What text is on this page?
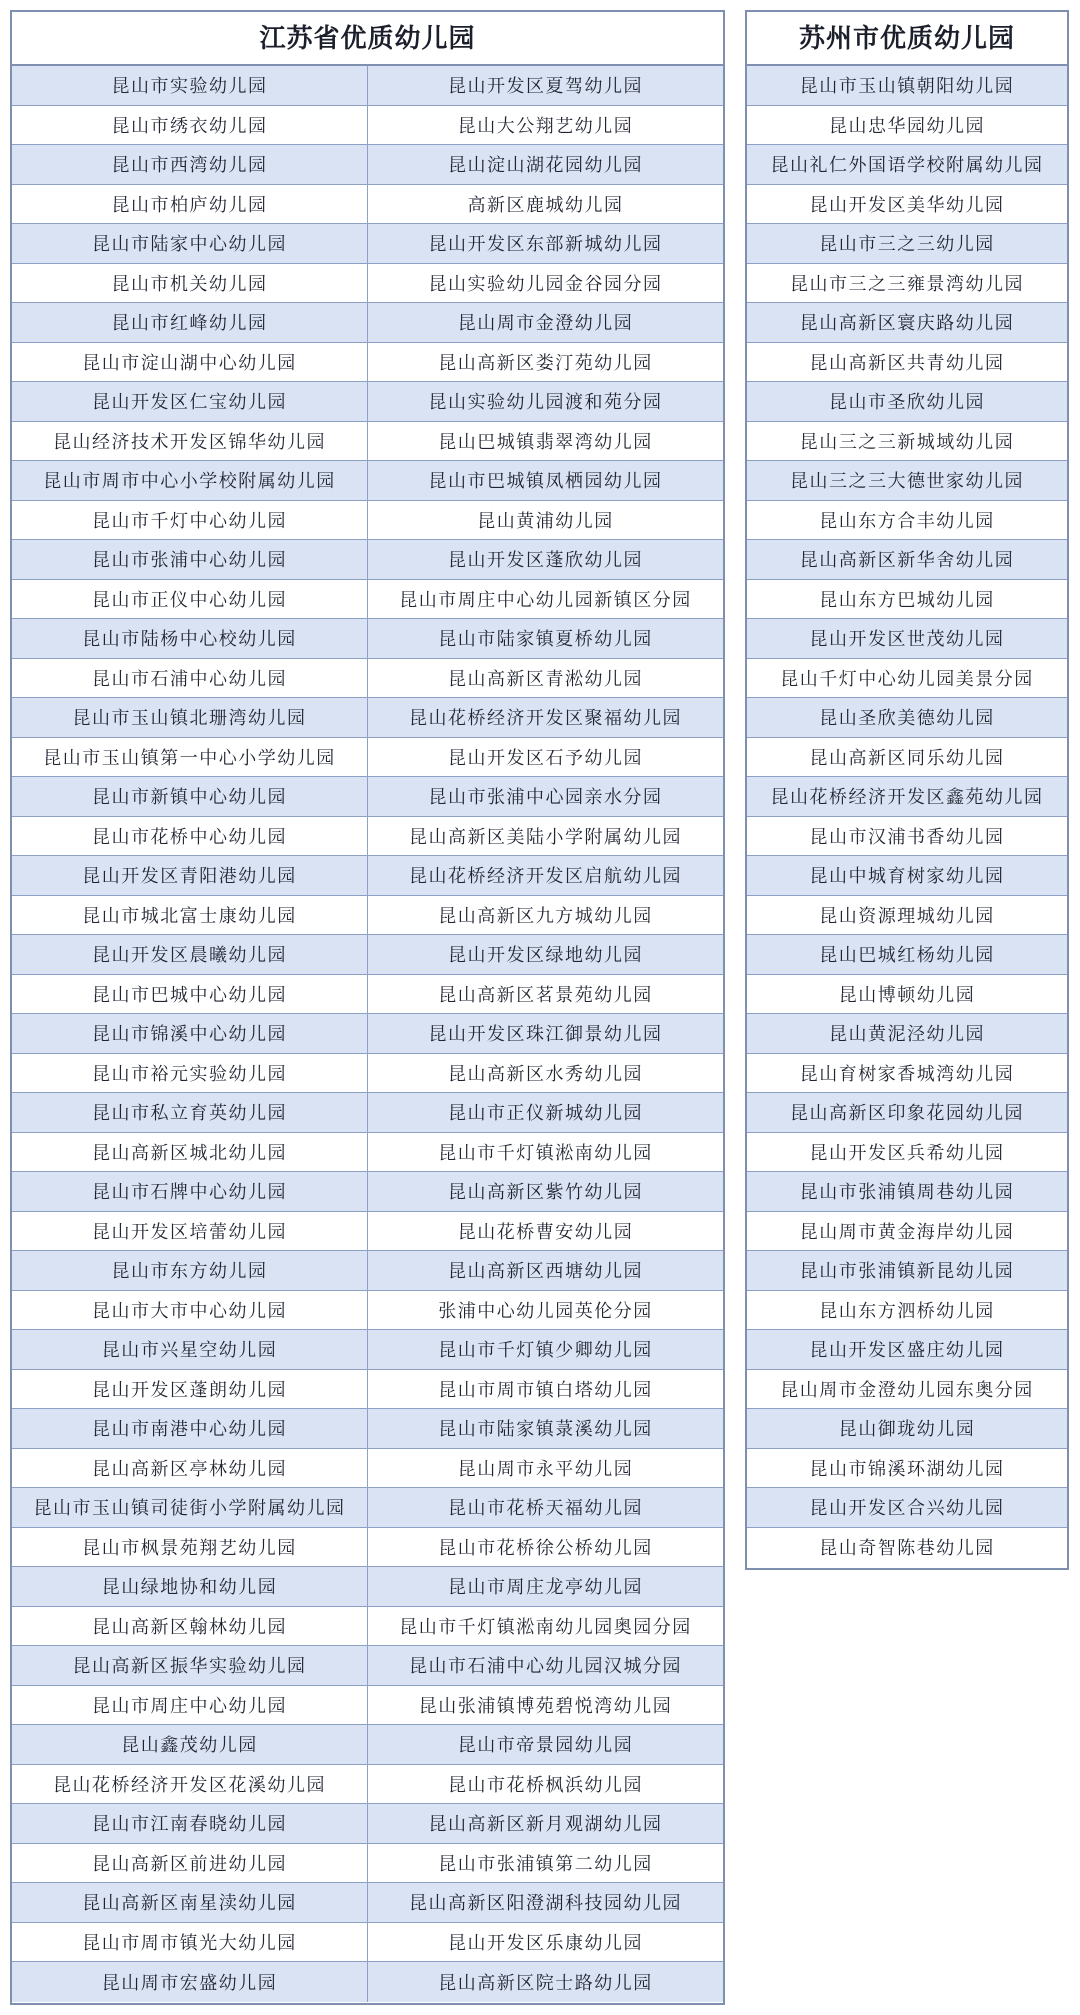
江苏省优质幼儿园
昆山市实验幼儿园	昆山开发区夏驾幼儿园
昆山市绣衣幼儿园	昆山大公翔艺幼儿园
昆山市西湾幼儿园	昆山淀山湖花园幼儿园
昆山市柏庐幼儿园	高新区鹿城幼儿园
昆山市陆家中心幼儿园	昆山开发区东部新城幼儿园
昆山市机关幼儿园	昆山实验幼儿园金谷园分园
昆山市红峰幼儿园	昆山周市金澄幼儿园
昆山市淀山湖中心幼儿园	昆山高新区娄汀苑幼儿园
昆山开发区仁宝幼儿园	昆山实验幼儿园渡和苑分园
昆山经济技术开发区锦华幼儿园	昆山巴城镇翡翠湾幼儿园
昆山市周市中心小学校附属幼儿园	昆山市巴城镇凤栖园幼儿园
昆山市千灯中心幼儿园	昆山黄浦幼儿园
昆山市张浦中心幼儿园	昆山开发区蓬欣幼儿园
昆山市正仪中心幼儿园	昆山市周庄中心幼儿园新镇区分园
昆山市陆杨中心校幼儿园	昆山市陆家镇夏桥幼儿园
昆山市石浦中心幼儿园	昆山高新区青淞幼儿园
昆山市玉山镇北珊湾幼儿园	昆山花桥经济开发区聚福幼儿园
昆山市玉山镇第一中心小学幼儿园	昆山开发区石予幼儿园
昆山市新镇中心幼儿园	昆山市张浦中心园亲水分园
昆山市花桥中心幼儿园	昆山高新区美陆小学附属幼儿园
昆山开发区青阳港幼儿园	昆山花桥经济开发区启航幼儿园
昆山市城北富士康幼儿园	昆山高新区九方城幼儿园
昆山开发区晨曦幼儿园	昆山开发区绿地幼儿园
昆山市巴城中心幼儿园	昆山高新区茗景苑幼儿园
昆山市锦溪中心幼儿园	昆山开发区珠江御景幼儿园
昆山市裕元实验幼儿园	昆山高新区水秀幼儿园
昆山市私立育英幼儿园	昆山市正仪新城幼儿园
昆山高新区城北幼儿园	昆山市千灯镇淞南幼儿园
昆山市石牌中心幼儿园	昆山高新区紫竹幼儿园
昆山开发区培蕾幼儿园	昆山花桥曹安幼儿园
昆山市东方幼儿园	昆山高新区西塘幼儿园
昆山市大市中心幼儿园	张浦中心幼儿园英伦分园
昆山市兴星空幼儿园	昆山市千灯镇少卿幼儿园
昆山开发区蓬朗幼儿园	昆山市周市镇白塔幼儿园
昆山市南港中心幼儿园	昆山市陆家镇菉溪幼儿园
昆山高新区亭林幼儿园	昆山周市永平幼儿园
昆山市玉山镇司徒街小学附属幼儿园	昆山市花桥天福幼儿园
昆山市枫景苑翔艺幼儿园	昆山市花桥徐公桥幼儿园
昆山绿地协和幼儿园	昆山市周庄龙亭幼儿园
昆山高新区翰林幼儿园	昆山市千灯镇淞南幼儿园奥园分园
昆山高新区振华实验幼儿园	昆山市石浦中心幼儿园汉城分园
昆山市周庄中心幼儿园	昆山张浦镇博苑碧悦湾幼儿园
昆山鑫茂幼儿园	昆山市帝景园幼儿园
昆山花桥经济开发区花溪幼儿园	昆山市花桥枫浜幼儿园
昆山市江南春晓幼儿园	昆山高新区新月观湖幼儿园
昆山高新区前进幼儿园	昆山市张浦镇第二幼儿园
昆山高新区南星渎幼儿园	昆山高新区阳澄湖科技园幼儿园
昆山市周市镇光大幼儿园	昆山开发区乐康幼儿园
昆山周市宏盛幼儿园	昆山高新区院士路幼儿园
苏州市优质幼儿园
昆山市玉山镇朝阳幼儿园
昆山忠华园幼儿园
昆山礼仁外国语学校附属幼儿园
昆山开发区美华幼儿园
昆山市三之三幼儿园
昆山市三之三雍景湾幼儿园
昆山高新区寰庆路幼儿园
昆山高新区共青幼儿园
昆山市圣欣幼儿园
昆山三之三新城域幼儿园
昆山三之三大德世家幼儿园
昆山东方合丰幼儿园
昆山高新区新华舍幼儿园
昆山东方巴城幼儿园
昆山开发区世茂幼儿园
昆山千灯中心幼儿园美景分园
昆山圣欣美德幼儿园
昆山高新区同乐幼儿园
昆山花桥经济开发区鑫苑幼儿园
昆山市汉浦书香幼儿园
昆山中城育树家幼儿园
昆山资源理城幼儿园
昆山巴城红杨幼儿园
昆山博顿幼儿园
昆山黄泥泾幼儿园
昆山育树家香城湾幼儿园
昆山高新区印象花园幼儿园
昆山开发区兵希幼儿园
昆山市张浦镇周巷幼儿园
昆山周市黄金海岸幼儿园
昆山市张浦镇新昆幼儿园
昆山东方泗桥幼儿园
昆山开发区盛庄幼儿园
昆山周市金澄幼儿园东奥分园
昆山御珑幼儿园
昆山市锦溪环湖幼儿园
昆山开发区合兴幼儿园
昆山奇智陈巷幼儿园
